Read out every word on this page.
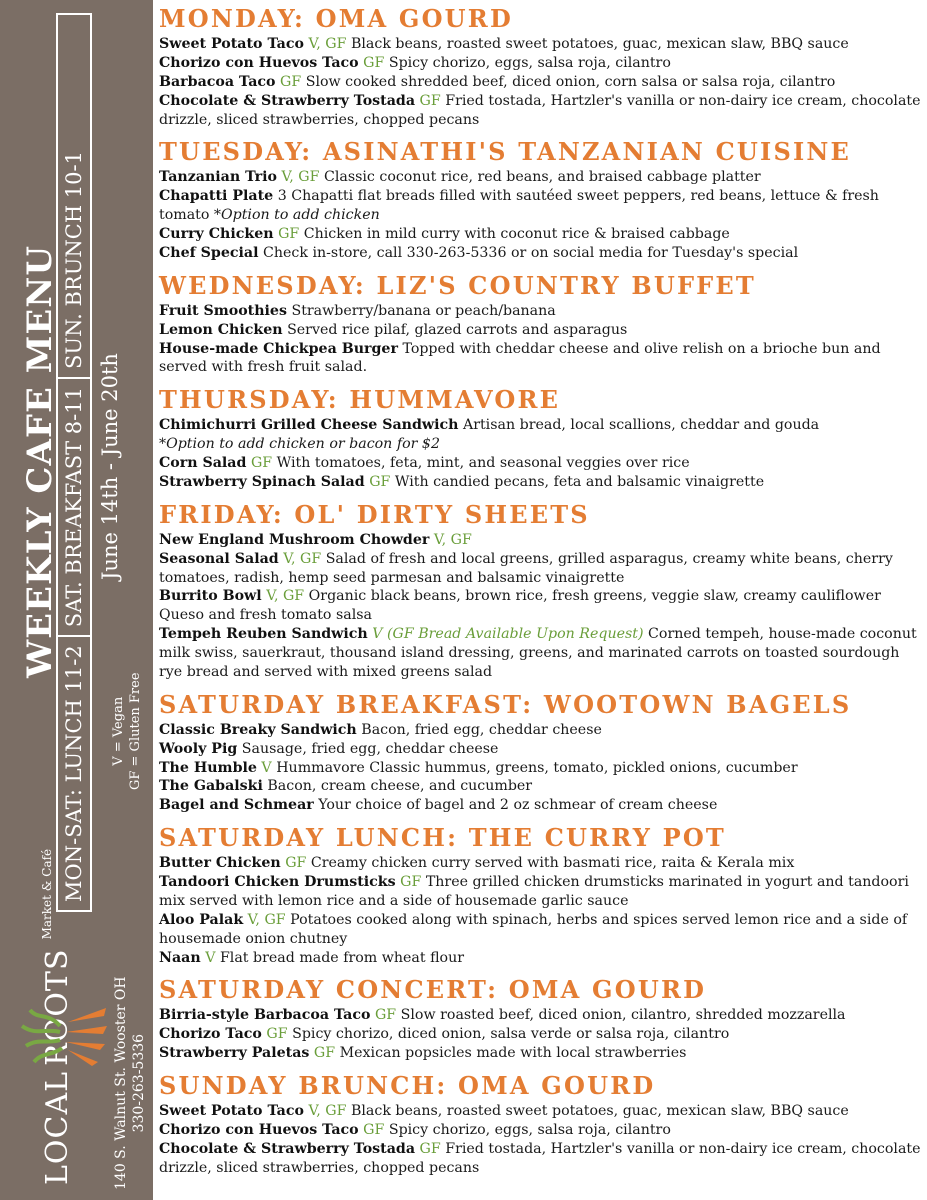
WEEKLY CAFE MENU
MON-SAT: LUNCH 11-2
SAT. BREAKFAST 8-11
SUN. BRUNCH 10-1
June 14th - June 20th
V = Vegan GF = Gluten Free
140 S. Walnut St. Wooster OH 330-263-5336
LOCAL ROOTS $^{Market \& Café}$
MONDAY: OMA GOURD

Sweet Potato Taco V, GF Black beans, roasted sweet potatoes, guac, mexican slaw, BBQ sauce

Chorizo con Huevos Taco GF Spicy chorizo, eggs, salsa roja, cilantro

Barbacoa Taco GF Slow cooked shredded beef, diced onion, corn salsa or salsa roja, cilantro

Chocolate & Strawberry Tostada GF Fried tostada, Hartzler's vanilla or non-dairy ice cream, chocolate drizzle, sliced strawberries, chopped pecans

TUESDAY: ASINATHI'S TANZANIAN CUISINE

Tanzanian Trio V, GF Classic coconut rice, red beans, and braised cabbage platter

Chapatti Plate 3 Chapatti flat breads filled with sautéed sweet peppers, red beans, lettuce & fresh tomato *Option to add chicken

Curry Chicken GF Chicken in mild curry with coconut rice & braised cabbage

Chef Special Check in-store, call 330-263-5336 or on social media for Tuesday's special

WEDNESDAY: LIZ'S COUNTRY BUFFET

Fruit Smoothies Strawberry/banana or peach/banana

Lemon Chicken Served rice pilaf, glazed carrots and asparagus

House-made Chickpea Burger Topped with cheddar cheese and olive relish on a brioche bun and served with fresh fruit salad.

THURSDAY: HUMMAVORE

Chimichurri Grilled Cheese Sandwich Artisan bread, local scallions, cheddar and gouda
*Option to add chicken or bacon for $2

Corn Salad GF With tomatoes, feta, mint, and seasonal veggies over rice

Strawberry Spinach Salad GF With candied pecans, feta and balsamic vinaigrette

FRIDAY: OL' DIRTY SHEETS

New England Mushroom Chowder V, GF

Seasonal Salad V, GF Salad of fresh and local greens, grilled asparagus, creamy white beans, cherry tomatoes, radish, hemp seed parmesan and balsamic vinaigrette

Burrito Bowl V, GF Organic black beans, brown rice, fresh greens, veggie slaw, creamy cauliflower Queso and fresh tomato salsa

Tempeh Reuben Sandwich V (GF Bread Available Upon Request) Corned tempeh, house-made coconut milk swiss, sauerkraut, thousand island dressing, greens, and marinated carrots on toasted sourdough rye bread and served with mixed greens salad

SATURDAY BREAKFAST: WOOTOWN BAGELS

Classic Breaky Sandwich Bacon, fried egg, cheddar cheese

Wooly Pig Sausage, fried egg, cheddar cheese

The Humble V Hummavore Classic hummus, greens, tomato, pickled onions, cucumber

The Gabalski Bacon, cream cheese, and cucumber

Bagel and Schmear Your choice of bagel and 2 oz schmear of cream cheese

SATURDAY LUNCH: THE CURRY POT

Butter Chicken GF Creamy chicken curry served with basmati rice, raita & Kerala mix

Tandoori Chicken Drumsticks GF Three grilled chicken drumsticks marinated in yogurt and tandoori mix served with lemon rice and a side of housemade garlic sauce

Aloo Palak V, GF Potatoes cooked along with spinach, herbs and spices served lemon rice and a side of housemade onion chutney

Naan V Flat bread made from wheat flour

SATURDAY CONCERT: OMA GOURD

Birria-style Barbacoa Taco GF Slow roasted beef, diced onion, cilantro, shredded mozzarella

Chorizo Taco GF Spicy chorizo, diced onion, salsa verde or salsa roja, cilantro

Strawberry Paletas GF Mexican popsicles made with local strawberries

SUNDAY BRUNCH: OMA GOURD

Sweet Potato Taco V, GF Black beans, roasted sweet potatoes, guac, mexican slaw, BBQ sauce

Chorizo con Huevos Taco GF Spicy chorizo, eggs, salsa roja, cilantro

Chocolate & Strawberry Tostada GF Fried tostada, Hartzler's vanilla or non-dairy ice cream, chocolate drizzle, sliced strawberries, chopped pecans
